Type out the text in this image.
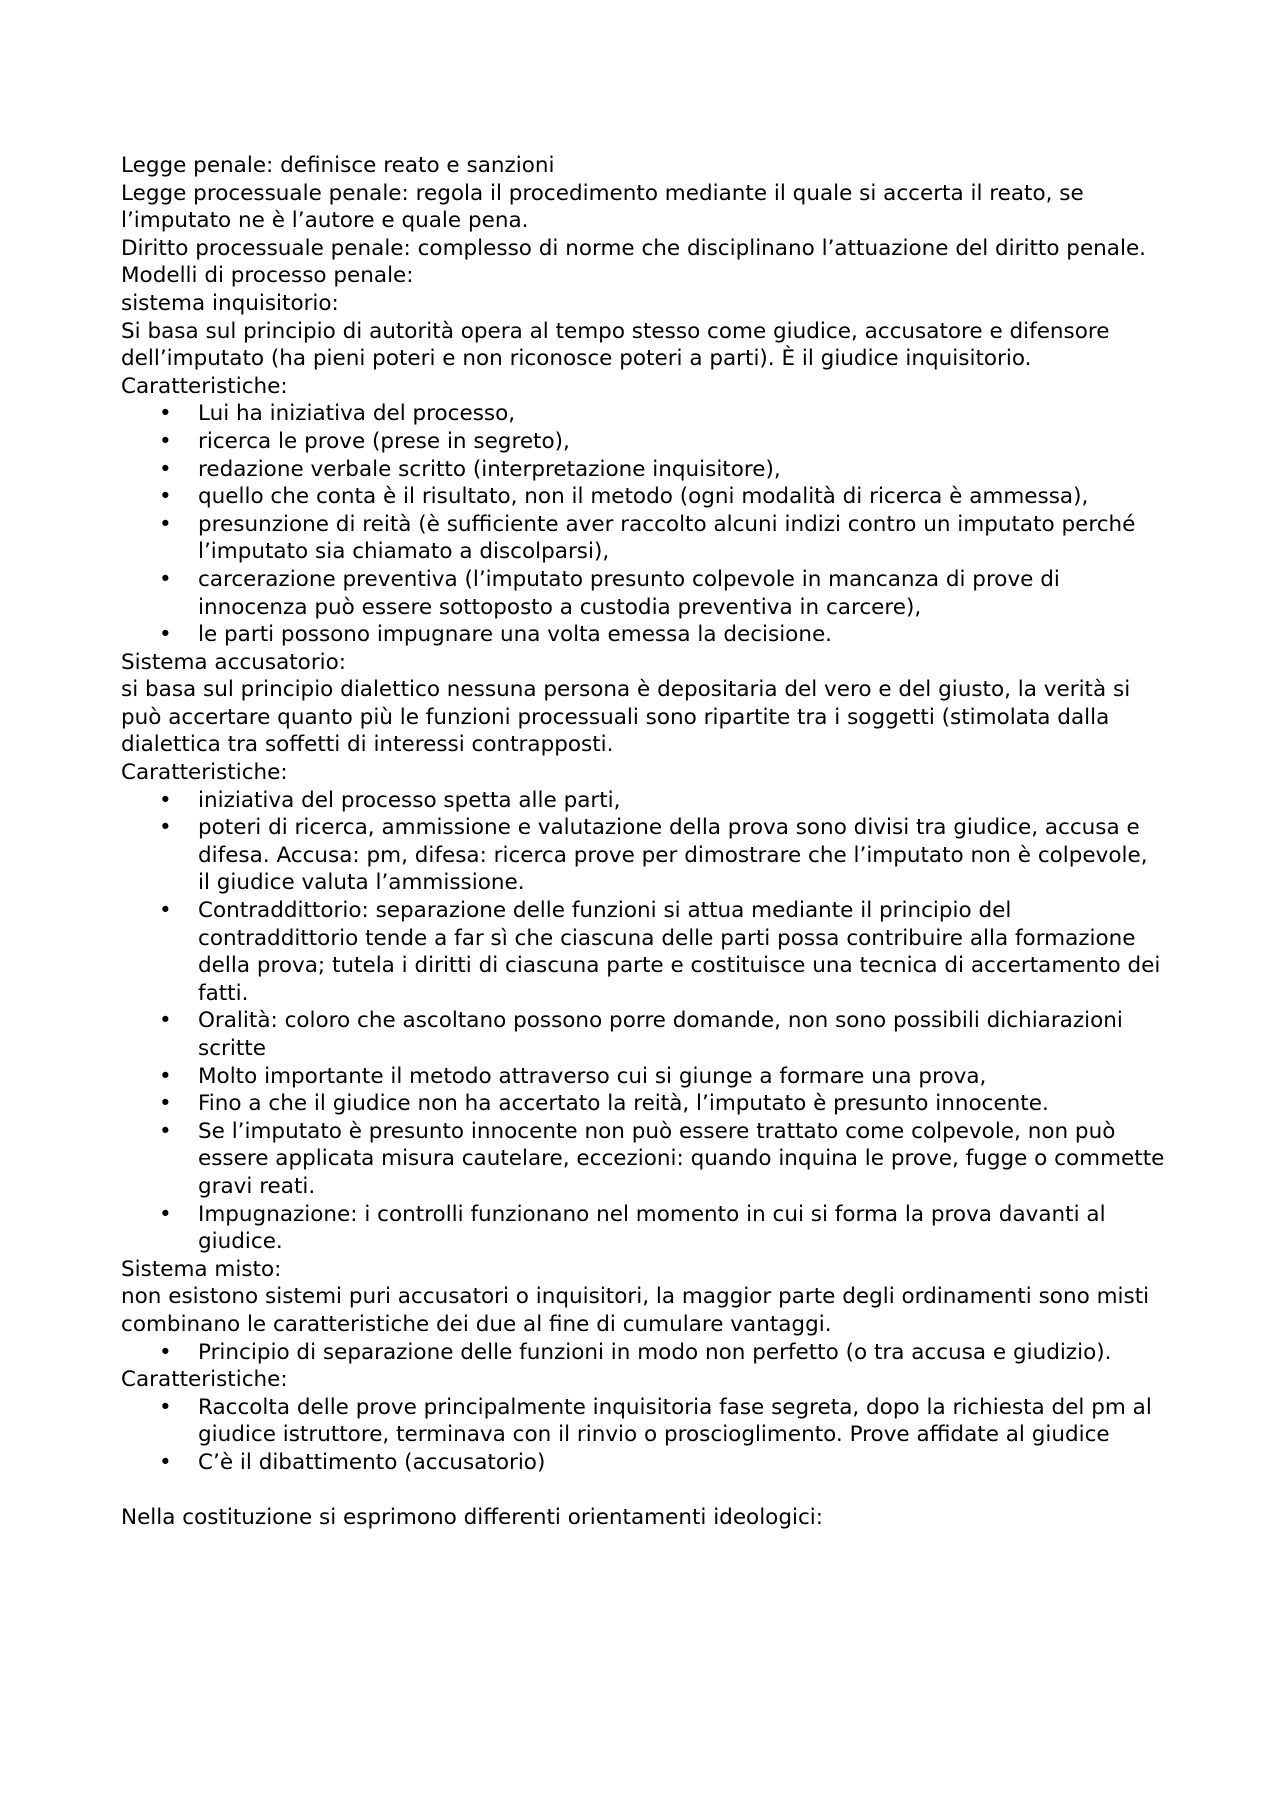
Legge penale: definisce reato e sanzioni

Legge processuale penale: regola il procedimento mediante il quale si accerta il reato, se l’imputato ne è l’autore e quale pena.

Diritto processuale penale: complesso di norme che disciplinano l’attuazione del diritto penale.

Modelli di processo penale:

sistema inquisitorio:

Si basa sul principio di autorità opera al tempo stesso come giudice, accusatore e difensore dell’imputato (ha pieni poteri e non riconosce poteri a parti). È il giudice inquisitorio.

Caratteristiche:

• Lui ha iniziativa del processo,
• ricerca le prove (prese in segreto),
• redazione verbale scritto (interpretazione inquisitore),
• quello che conta è il risultato, non il metodo (ogni modalità di ricerca è ammessa),
• presunzione di reità (è sufficiente aver raccolto alcuni indizi contro un imputato perché l’imputato sia chiamato a discolparsi),
• carcerazione preventiva (l’imputato presunto colpevole in mancanza di prove di innocenza può essere sottoposto a custodia preventiva in carcere),
• le parti possono impugnare una volta emessa la decisione.

Sistema accusatorio:

si basa sul principio dialettico nessuna persona è depositaria del vero e del giusto, la verità si può accertare quanto più le funzioni processuali sono ripartite tra i soggetti (stimolata dalla dialettica tra soffetti di interessi contrapposti.

Caratteristiche:

• iniziativa del processo spetta alle parti,
• poteri di ricerca, ammissione e valutazione della prova sono divisi tra giudice, accusa e difesa. Accusa: pm, difesa: ricerca prove per dimostrare che l’imputato non è colpevole, il giudice valuta l’ammissione.
• Contraddittorio: separazione delle funzioni si attua mediante il principio del contraddittorio tende a far sì che ciascuna delle parti possa contribuire alla formazione della prova; tutela i diritti di ciascuna parte e costituisce una tecnica di accertamento dei fatti.
• Oralità: coloro che ascoltano possono porre domande, non sono possibili dichiarazioni scritte
• Molto importante il metodo attraverso cui si giunge a formare una prova,
• Fino a che il giudice non ha accertato la reità, l’imputato è presunto innocente.
• Se l’imputato è presunto innocente non può essere trattato come colpevole, non può essere applicata misura cautelare, eccezioni: quando inquina le prove, fugge o commette gravi reati.
• Impugnazione: i controlli funzionano nel momento in cui si forma la prova davanti al giudice.

Sistema misto:

non esistono sistemi puri accusatori o inquisitori, la maggior parte degli ordinamenti sono misti combinano le caratteristiche dei due al fine di cumulare vantaggi.

• Principio di separazione delle funzioni in modo non perfetto (o tra accusa e giudizio).

Caratteristiche:

• Raccolta delle prove principalmente inquisitoria fase segreta, dopo la richiesta del pm al giudice istruttore, terminava con il rinvio o proscioglimento. Prove affidate al giudice
• C’è il dibattimento (accusatorio)

Nella costituzione si esprimono differenti orientamenti ideologici:
